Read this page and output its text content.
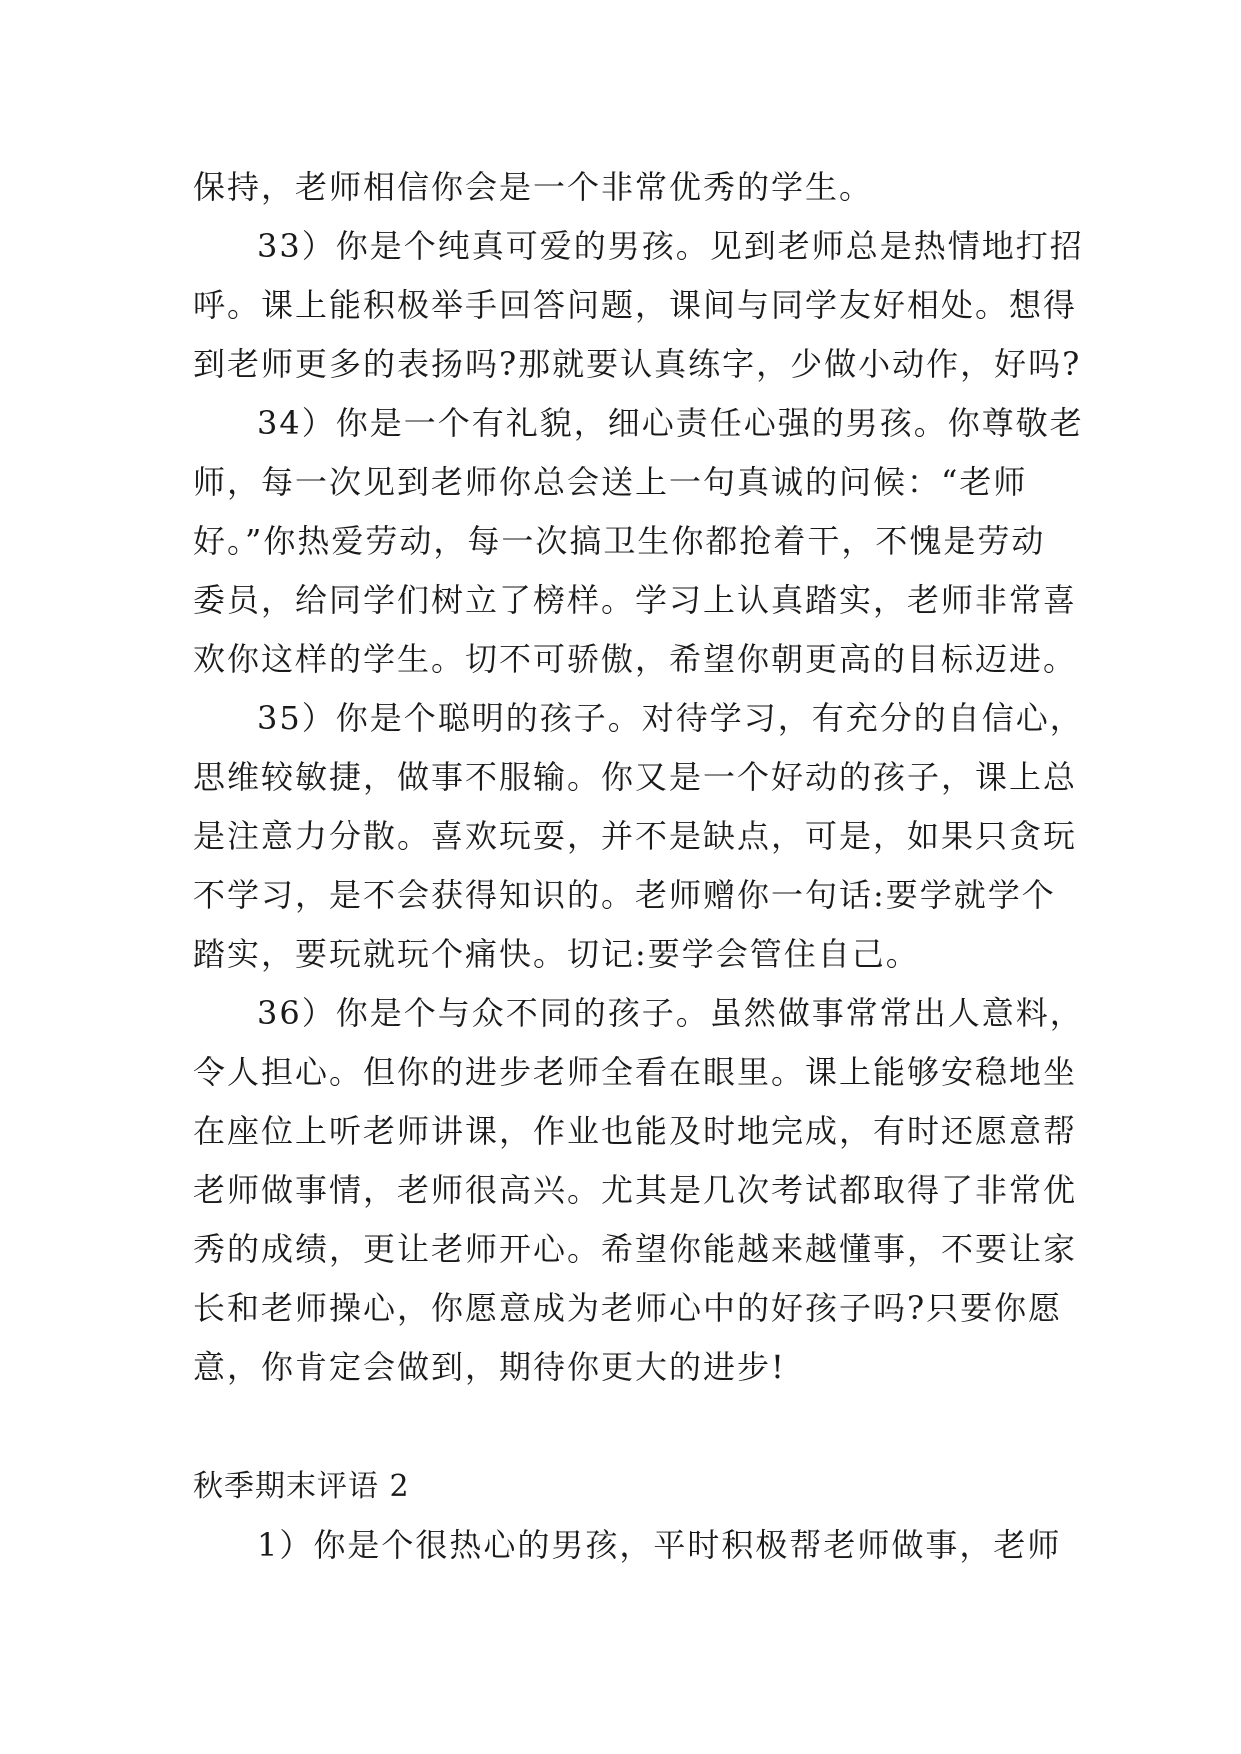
保持，老师相信你会是一个非常优秀的学生。
33）你是个纯真可爱的男孩。见到老师总是热情地打招
呼。课上能积极举手回答问题，课间与同学友好相处。想得
到老师更多的表扬吗?那就要认真练字，少做小动作，好吗?
34）你是一个有礼貌，细心责任心强的男孩。你尊敬老
师，每一次见到老师你总会送上一句真诚的问候：“老师
好。”你热爱劳动，每一次搞卫生你都抢着干，不愧是劳动
委员，给同学们树立了榜样。学习上认真踏实，老师非常喜
欢你这样的学生。切不可骄傲，希望你朝更高的目标迈进。
35）你是个聪明的孩子。对待学习，有充分的自信心，
思维较敏捷，做事不服输。你又是一个好动的孩子，课上总
是注意力分散。喜欢玩耍，并不是缺点，可是，如果只贪玩
不学习，是不会获得知识的。老师赠你一句话:要学就学个
踏实，要玩就玩个痛快。切记:要学会管住自己。
36）你是个与众不同的孩子。虽然做事常常出人意料，
令人担心。但你的进步老师全看在眼里。课上能够安稳地坐
在座位上听老师讲课，作业也能及时地完成，有时还愿意帮
老师做事情，老师很高兴。尤其是几次考试都取得了非常优
秀的成绩，更让老师开心。希望你能越来越懂事，不要让家
长和老师操心，你愿意成为老师心中的好孩子吗?只要你愿
意，你肯定会做到，期待你更大的进步!
秋季期末评语 2
1）你是个很热心的男孩，平时积极帮老师做事，老师
